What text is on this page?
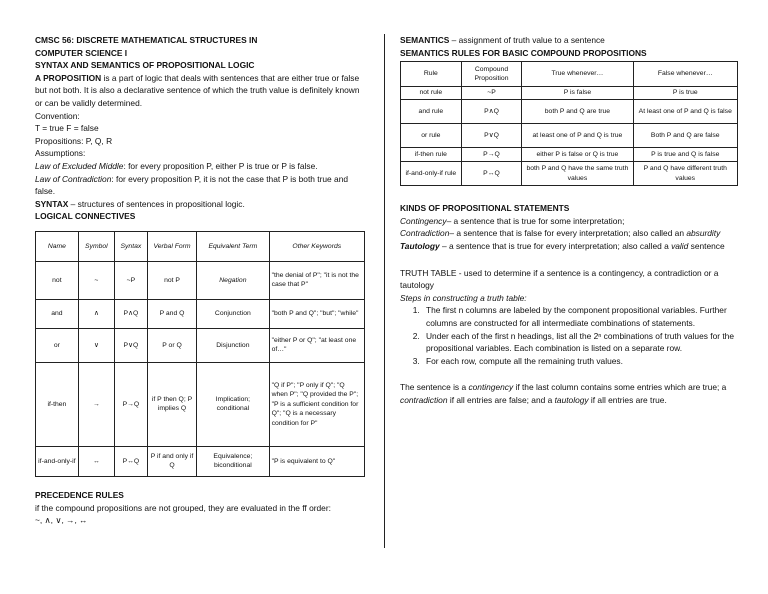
CMSC 56: DISCRETE MATHEMATICAL STRUCTURES IN

COMPUTER SCIENCE I

SYNTAX AND SEMANTICS OF PROPOSITIONAL LOGIC

A PROPOSITION is a part of logic that deals with sentences that are either true or false but not both. It is also a declarative sentence of which the truth value is definitely known or can be validly determined.

Convention:

T = true F = false

Propositions: P, Q, R

Assumptions:

Law of Excluded Middle: for every proposition P, either P is true or P is false.

Law of Contradiction: for every proposition P, it is not the case that P is both true and false.

SYNTAX – structures of sentences in propositional logic.

LOGICAL CONNECTIVES

Name	Symbol	Syntax	Verbal Form	Equivalent Term	Other Keywords
not	~	~P	not P	Negation	"the denial of P"; "it is not the case that P"
and	∧	P∧Q	P and Q	Conjunction	"both P and Q"; "but"; "while"
or	∨	P∨Q	P or Q	Disjunction	"either P or Q"; "at least one of…"
if-then	→	P→Q	if P then Q; P implies Q	Implication; conditional	"Q if P"; "P only if Q"; "Q when P"; "Q provided the P"; "P is a sufficient condition for Q"; "Q is a necessary condition for P"
if-and-only-if	↔	P↔Q	P if and only if Q	Equivalence; biconditional	"P is equivalent to Q"

PRECEDENCE RULES

if the compound propositions are not grouped, they are evaluated in the ff order:

~, ∧, ∨, →, ↔

SEMANTICS – assignment of truth value to a sentence

SEMANTICS RULES FOR BASIC COMPOUND PROPOSITIONS

Rule	Compound Proposition	True whenever…	False whenever…
not rule	~P	P is false	P is true
and rule	P∧Q	both P and Q are true	At least one of P and Q is false
or rule	P∨Q	at least one of P and Q is true	Both P and Q are false
if-then rule	P→Q	either P is false or Q is true	P is true and Q is false
if-and-only-if rule	P↔Q	both P and Q have the same truth values	P and Q have different truth values

KINDS OF PROPOSITIONAL STATEMENTS

Contingency– a sentence that is true for some interpretation;

Contradiction– a sentence that is false for every interpretation; also called an absurdity

Tautology – a sentence that is true for every interpretation; also called a valid sentence

TRUTH TABLE - used to determine if a sentence is a contingency, a contradiction or a tautology

Steps in constructing a truth table:

1. The first n columns are labeled by the component propositional variables. Further columns are constructed for all intermediate combinations of statements.
2. Under each of the first n headings, list all the 2ⁿ combinations of truth values for the propositional variables. Each combination is listed on a separate row.
3. For each row, compute all the remaining truth values.

The sentence is a contingency if the last column contains some entries which are true; a contradiction if all entries are false; and a tautology if all entries are true.
